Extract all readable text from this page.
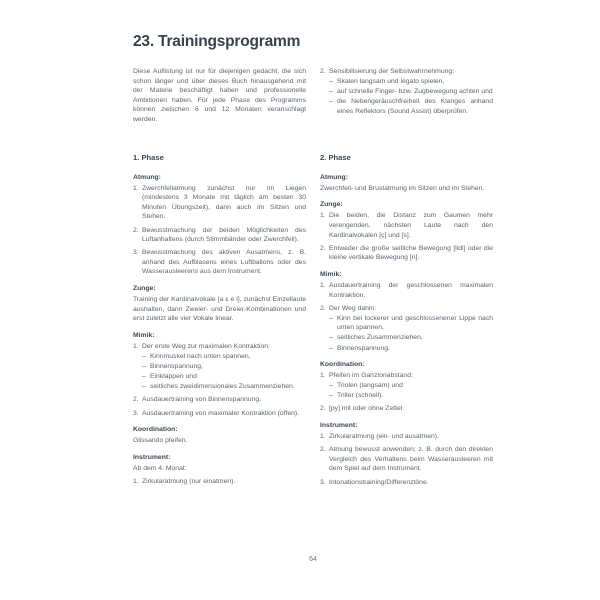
23. Trainingsprogramm
Diese Auflistung ist nur für diejenigen gedacht, die sich schon länger und über dieses Buch hinausgehend mit der Materie beschäftigt haben und professionelle Ambitionen haben. Für jede Phase des Programms können zwischen 6 und 12 Monaten veranschlagt werden.
2. Sensibilisierung der Selbstwahrnehmung:
– Skalen langsam und legato spielen,
– auf schnelle Finger- bzw. Zugbewegung achten und
– die Nebengeräuschfreiheit des Klanges anhand eines Reflektors (Sound Assist) überprüfen.
1. Phase
Atmung:
1. Zwerchfellatmung zunächst nur im Liegen (mindestens 3 Monate mit täglich am besten 30 Minuten Übungszeit), dann auch im Sitzen und Stehen.
2. Bewusstmachung der beiden Möglichkeiten des Luftanhaltens (durch Stimmbänder oder Zwerchfell).
3. Bewusstmachung des aktiven Ausatmens, z. B. anhand des Aufblasens eines Luftballons oder des Wasserausleerens aus dem Instrument.
Zunge:
Training der Kardinalvokale [a ɛ e i], zunächst Einzellaute aushalten, dann Zweier- und Dreier-Kombinationen und erst zuletzt alle vier Vokale linear.
Mimik:
1. Der erste Weg zur maximalen Kontraktion:
– Kinnmuskel nach unten spannen,
– Binnenspannung,
– Einklappen und
– seitliches zweidimensionales Zusammenziehen.
2. Ausdauertraining von Binnenspannung.
3. Ausdauertraining von maximaler Kontraktion (offen).
Koordination:
Glissando pfeifen.
Instrument:
Ab dem 4. Monat:
1. Zirkularatmung (nur einatmen).
2. Phase
Atmung:
Zwerchfell- und Brustatmung im Sitzen und im Stehen.
Zunge:
1. Die beiden, die Distanz zum Gaumen mehr verengenden, nächsten Laute nach den Kardinalvokalen [ç] und [s].
2. Entweder die große seitliche Bewegung [lidl] oder die kleine vertikale Bewegung [n].
Mimik:
1. Ausdauertraining der geschlossenen maximalen Kontraktion.
2. Der Weg dahin:
– Kinn bei lockerer und geschlossenener Lippe nach unten spannen,
– seitliches Zusammenziehen,
– Binnenspannung.
Koordination:
1. Pfeifen im Ganztonabstand:
– Triolen (langsam) und
– Triller (schnell).
2. [py] mit oder ohne Zettel.
Instrument:
1. Zirkularatmung (ein- und ausatmen).
2. Atmung bewusst anwenden; z. B. durch den direkten Vergleich des Verhaltens beim Wasserausleeren mit dem Spiel auf dem Instrument.
3. Intonationstraining/Differenztöne.
64
